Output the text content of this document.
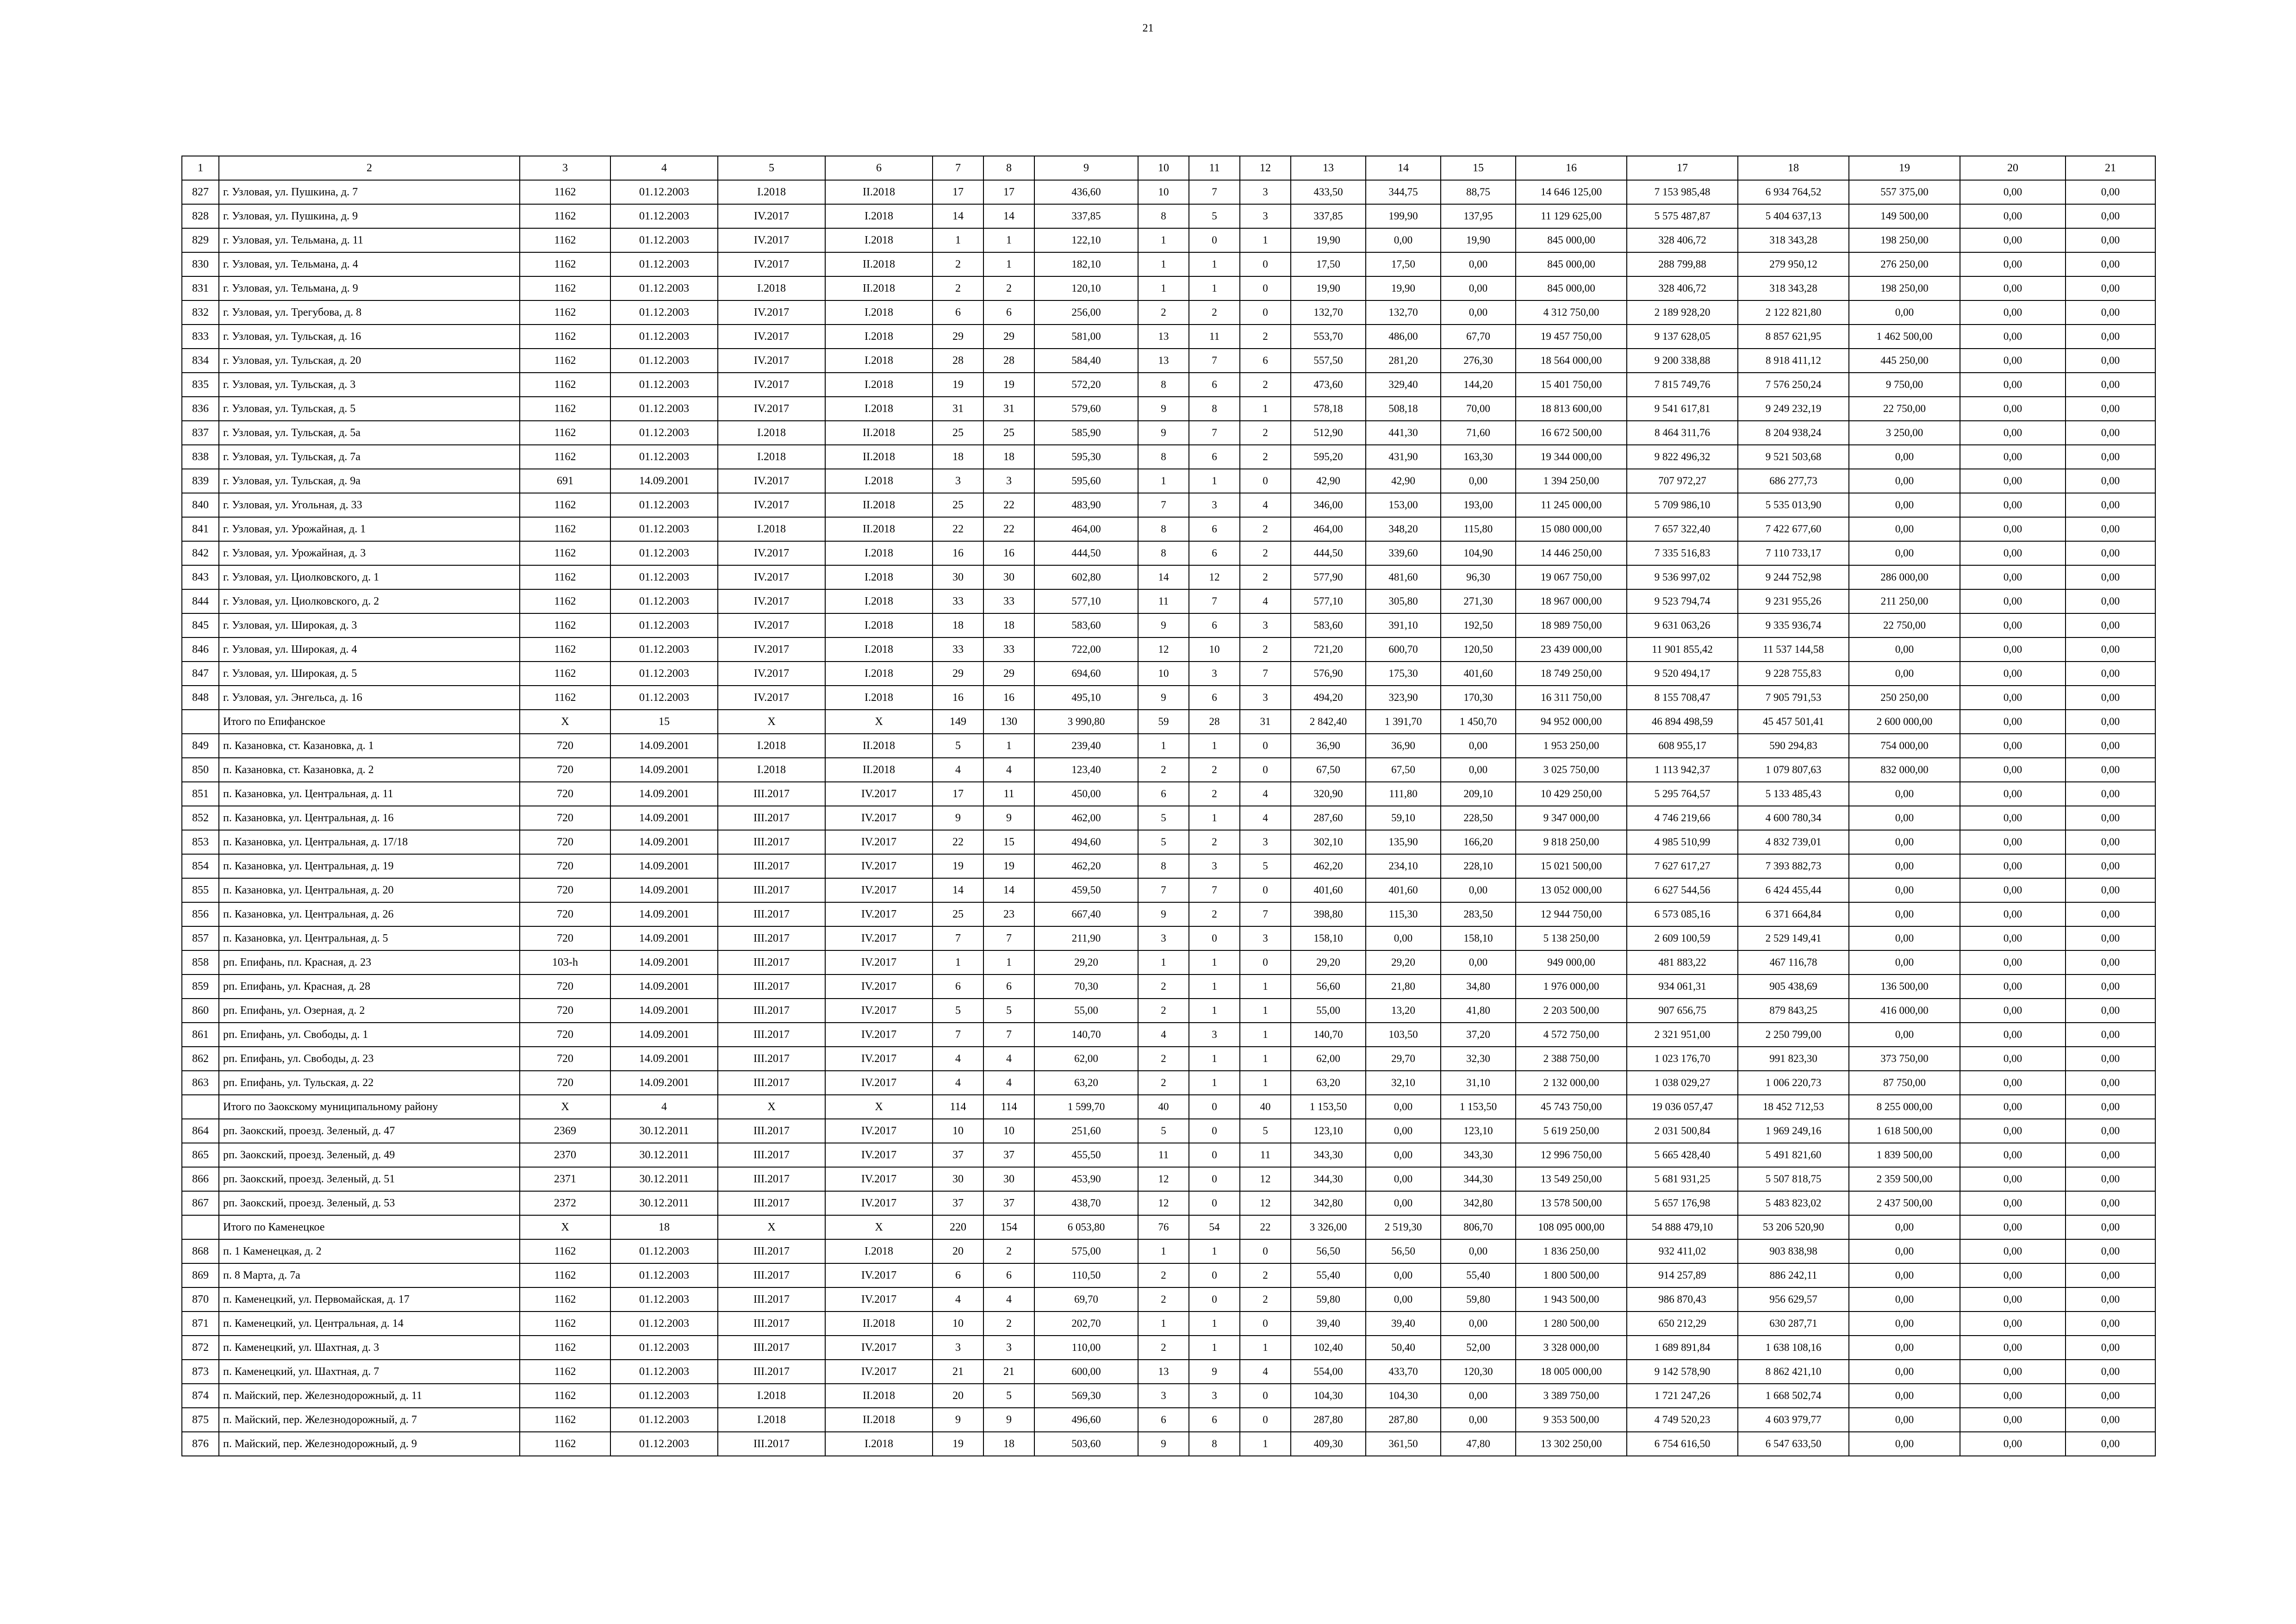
21
1	2	3	4	5	6	7	8	9	10	11	12	13	14	15	16	17	18	19	20	21
827	г. Узловая, ул. Пушкина, д. 7	1162	01.12.2003	I.2018	II.2018	17	17	436,60	10	7	3	433,50	344,75	88,75	14 646 125,00	7 153 985,48	6 934 764,52	557 375,00	0,00	0,00
828	г. Узловая, ул. Пушкина, д. 9	1162	01.12.2003	IV.2017	I.2018	14	14	337,85	8	5	3	337,85	199,90	137,95	11 129 625,00	5 575 487,87	5 404 637,13	149 500,00	0,00	0,00
829	г. Узловая, ул. Тельмана, д. 11	1162	01.12.2003	IV.2017	I.2018	1	1	122,10	1	0	1	19,90	0,00	19,90	845 000,00	328 406,72	318 343,28	198 250,00	0,00	0,00
830	г. Узловая, ул. Тельмана, д. 4	1162	01.12.2003	IV.2017	II.2018	2	1	182,10	1	1	0	17,50	17,50	0,00	845 000,00	288 799,88	279 950,12	276 250,00	0,00	0,00
831	г. Узловая, ул. Тельмана, д. 9	1162	01.12.2003	I.2018	II.2018	2	2	120,10	1	1	0	19,90	19,90	0,00	845 000,00	328 406,72	318 343,28	198 250,00	0,00	0,00
832	г. Узловая, ул. Трегубова, д. 8	1162	01.12.2003	IV.2017	I.2018	6	6	256,00	2	2	0	132,70	132,70	0,00	4 312 750,00	2 189 928,20	2 122 821,80	0,00	0,00	0,00
833	г. Узловая, ул. Тульская, д. 16	1162	01.12.2003	IV.2017	I.2018	29	29	581,00	13	11	2	553,70	486,00	67,70	19 457 750,00	9 137 628,05	8 857 621,95	1 462 500,00	0,00	0,00
834	г. Узловая, ул. Тульская, д. 20	1162	01.12.2003	IV.2017	I.2018	28	28	584,40	13	7	6	557,50	281,20	276,30	18 564 000,00	9 200 338,88	8 918 411,12	445 250,00	0,00	0,00
835	г. Узловая, ул. Тульская, д. 3	1162	01.12.2003	IV.2017	I.2018	19	19	572,20	8	6	2	473,60	329,40	144,20	15 401 750,00	7 815 749,76	7 576 250,24	9 750,00	0,00	0,00
836	г. Узловая, ул. Тульская, д. 5	1162	01.12.2003	IV.2017	I.2018	31	31	579,60	9	8	1	578,18	508,18	70,00	18 813 600,00	9 541 617,81	9 249 232,19	22 750,00	0,00	0,00
837	г. Узловая, ул. Тульская, д. 5а	1162	01.12.2003	I.2018	II.2018	25	25	585,90	9	7	2	512,90	441,30	71,60	16 672 500,00	8 464 311,76	8 204 938,24	3 250,00	0,00	0,00
838	г. Узловая, ул. Тульская, д. 7а	1162	01.12.2003	I.2018	II.2018	18	18	595,30	8	6	2	595,20	431,90	163,30	19 344 000,00	9 822 496,32	9 521 503,68	0,00	0,00	0,00
839	г. Узловая, ул. Тульская, д. 9а	691	14.09.2001	IV.2017	I.2018	3	3	595,60	1	1	0	42,90	42,90	0,00	1 394 250,00	707 972,27	686 277,73	0,00	0,00	0,00
840	г. Узловая, ул. Угольная, д. 33	1162	01.12.2003	IV.2017	II.2018	25	22	483,90	7	3	4	346,00	153,00	193,00	11 245 000,00	5 709 986,10	5 535 013,90	0,00	0,00	0,00
841	г. Узловая, ул. Урожайная, д. 1	1162	01.12.2003	I.2018	II.2018	22	22	464,00	8	6	2	464,00	348,20	115,80	15 080 000,00	7 657 322,40	7 422 677,60	0,00	0,00	0,00
842	г. Узловая, ул. Урожайная, д. 3	1162	01.12.2003	IV.2017	I.2018	16	16	444,50	8	6	2	444,50	339,60	104,90	14 446 250,00	7 335 516,83	7 110 733,17	0,00	0,00	0,00
843	г. Узловая, ул. Циолковского, д. 1	1162	01.12.2003	IV.2017	I.2018	30	30	602,80	14	12	2	577,90	481,60	96,30	19 067 750,00	9 536 997,02	9 244 752,98	286 000,00	0,00	0,00
844	г. Узловая, ул. Циолковского, д. 2	1162	01.12.2003	IV.2017	I.2018	33	33	577,10	11	7	4	577,10	305,80	271,30	18 967 000,00	9 523 794,74	9 231 955,26	211 250,00	0,00	0,00
845	г. Узловая, ул. Широкая, д. 3	1162	01.12.2003	IV.2017	I.2018	18	18	583,60	9	6	3	583,60	391,10	192,50	18 989 750,00	9 631 063,26	9 335 936,74	22 750,00	0,00	0,00
846	г. Узловая, ул. Широкая, д. 4	1162	01.12.2003	IV.2017	I.2018	33	33	722,00	12	10	2	721,20	600,70	120,50	23 439 000,00	11 901 855,42	11 537 144,58	0,00	0,00	0,00
847	г. Узловая, ул. Широкая, д. 5	1162	01.12.2003	IV.2017	I.2018	29	29	694,60	10	3	7	576,90	175,30	401,60	18 749 250,00	9 520 494,17	9 228 755,83	0,00	0,00	0,00
848	г. Узловая, ул. Энгельса, д. 16	1162	01.12.2003	IV.2017	I.2018	16	16	495,10	9	6	3	494,20	323,90	170,30	16 311 750,00	8 155 708,47	7 905 791,53	250 250,00	0,00	0,00
	Итого по Епифанское	X	15	X	X	149	130	3 990,80	59	28	31	2 842,40	1 391,70	1 450,70	94 952 000,00	46 894 498,59	45 457 501,41	2 600 000,00	0,00	0,00
849	п. Казановка, ст. Казановка, д. 1	720	14.09.2001	I.2018	II.2018	5	1	239,40	1	1	0	36,90	36,90	0,00	1 953 250,00	608 955,17	590 294,83	754 000,00	0,00	0,00
850	п. Казановка, ст. Казановка, д. 2	720	14.09.2001	I.2018	II.2018	4	4	123,40	2	2	0	67,50	67,50	0,00	3 025 750,00	1 113 942,37	1 079 807,63	832 000,00	0,00	0,00
851	п. Казановка, ул. Центральная, д. 11	720	14.09.2001	III.2017	IV.2017	17	11	450,00	6	2	4	320,90	111,80	209,10	10 429 250,00	5 295 764,57	5 133 485,43	0,00	0,00	0,00
852	п. Казановка, ул. Центральная, д. 16	720	14.09.2001	III.2017	IV.2017	9	9	462,00	5	1	4	287,60	59,10	228,50	9 347 000,00	4 746 219,66	4 600 780,34	0,00	0,00	0,00
853	п. Казановка, ул. Центральная, д. 17/18	720	14.09.2001	III.2017	IV.2017	22	15	494,60	5	2	3	302,10	135,90	166,20	9 818 250,00	4 985 510,99	4 832 739,01	0,00	0,00	0,00
854	п. Казановка, ул. Центральная, д. 19	720	14.09.2001	III.2017	IV.2017	19	19	462,20	8	3	5	462,20	234,10	228,10	15 021 500,00	7 627 617,27	7 393 882,73	0,00	0,00	0,00
855	п. Казановка, ул. Центральная, д. 20	720	14.09.2001	III.2017	IV.2017	14	14	459,50	7	7	0	401,60	401,60	0,00	13 052 000,00	6 627 544,56	6 424 455,44	0,00	0,00	0,00
856	п. Казановка, ул. Центральная, д. 26	720	14.09.2001	III.2017	IV.2017	25	23	667,40	9	2	7	398,80	115,30	283,50	12 944 750,00	6 573 085,16	6 371 664,84	0,00	0,00	0,00
857	п. Казановка, ул. Центральная, д. 5	720	14.09.2001	III.2017	IV.2017	7	7	211,90	3	0	3	158,10	0,00	158,10	5 138 250,00	2 609 100,59	2 529 149,41	0,00	0,00	0,00
858	рп. Епифань, пл. Красная, д. 23	103-h	14.09.2001	III.2017	IV.2017	1	1	29,20	1	1	0	29,20	29,20	0,00	949 000,00	481 883,22	467 116,78	0,00	0,00	0,00
859	рп. Епифань, ул. Красная, д. 28	720	14.09.2001	III.2017	IV.2017	6	6	70,30	2	1	1	56,60	21,80	34,80	1 976 000,00	934 061,31	905 438,69	136 500,00	0,00	0,00
860	рп. Епифань, ул. Озерная, д. 2	720	14.09.2001	III.2017	IV.2017	5	5	55,00	2	1	1	55,00	13,20	41,80	2 203 500,00	907 656,75	879 843,25	416 000,00	0,00	0,00
861	рп. Епифань, ул. Свободы, д. 1	720	14.09.2001	III.2017	IV.2017	7	7	140,70	4	3	1	140,70	103,50	37,20	4 572 750,00	2 321 951,00	2 250 799,00	0,00	0,00	0,00
862	рп. Епифань, ул. Свободы, д. 23	720	14.09.2001	III.2017	IV.2017	4	4	62,00	2	1	1	62,00	29,70	32,30	2 388 750,00	1 023 176,70	991 823,30	373 750,00	0,00	0,00
863	рп. Епифань, ул. Тульская, д. 22	720	14.09.2001	III.2017	IV.2017	4	4	63,20	2	1	1	63,20	32,10	31,10	2 132 000,00	1 038 029,27	1 006 220,73	87 750,00	0,00	0,00
	Итого по Заокскому муниципальному району	X	4	X	X	114	114	1 599,70	40	0	40	1 153,50	0,00	1 153,50	45 743 750,00	19 036 057,47	18 452 712,53	8 255 000,00	0,00	0,00
864	рп. Заокский, проезд. Зеленый, д. 47	2369	30.12.2011	III.2017	IV.2017	10	10	251,60	5	0	5	123,10	0,00	123,10	5 619 250,00	2 031 500,84	1 969 249,16	1 618 500,00	0,00	0,00
865	рп. Заокский, проезд. Зеленый, д. 49	2370	30.12.2011	III.2017	IV.2017	37	37	455,50	11	0	11	343,30	0,00	343,30	12 996 750,00	5 665 428,40	5 491 821,60	1 839 500,00	0,00	0,00
866	рп. Заокский, проезд. Зеленый, д. 51	2371	30.12.2011	III.2017	IV.2017	30	30	453,90	12	0	12	344,30	0,00	344,30	13 549 250,00	5 681 931,25	5 507 818,75	2 359 500,00	0,00	0,00
867	рп. Заокский, проезд. Зеленый, д. 53	2372	30.12.2011	III.2017	IV.2017	37	37	438,70	12	0	12	342,80	0,00	342,80	13 578 500,00	5 657 176,98	5 483 823,02	2 437 500,00	0,00	0,00
	Итого по Каменецкое	X	18	X	X	220	154	6 053,80	76	54	22	3 326,00	2 519,30	806,70	108 095 000,00	54 888 479,10	53 206 520,90	0,00	0,00	0,00
868	п. 1 Каменецкая, д. 2	1162	01.12.2003	III.2017	I.2018	20	2	575,00	1	1	0	56,50	56,50	0,00	1 836 250,00	932 411,02	903 838,98	0,00	0,00	0,00
869	п. 8 Марта, д. 7а	1162	01.12.2003	III.2017	IV.2017	6	6	110,50	2	0	2	55,40	0,00	55,40	1 800 500,00	914 257,89	886 242,11	0,00	0,00	0,00
870	п. Каменецкий, ул. Первомайская, д. 17	1162	01.12.2003	III.2017	IV.2017	4	4	69,70	2	0	2	59,80	0,00	59,80	1 943 500,00	986 870,43	956 629,57	0,00	0,00	0,00
871	п. Каменецкий, ул. Центральная, д. 14	1162	01.12.2003	III.2017	II.2018	10	2	202,70	1	1	0	39,40	39,40	0,00	1 280 500,00	650 212,29	630 287,71	0,00	0,00	0,00
872	п. Каменецкий, ул. Шахтная, д. 3	1162	01.12.2003	III.2017	IV.2017	3	3	110,00	2	1	1	102,40	50,40	52,00	3 328 000,00	1 689 891,84	1 638 108,16	0,00	0,00	0,00
873	п. Каменецкий, ул. Шахтная, д. 7	1162	01.12.2003	III.2017	IV.2017	21	21	600,00	13	9	4	554,00	433,70	120,30	18 005 000,00	9 142 578,90	8 862 421,10	0,00	0,00	0,00
874	п. Майский, пер. Железнодорожный, д. 11	1162	01.12.2003	I.2018	II.2018	20	5	569,30	3	3	0	104,30	104,30	0,00	3 389 750,00	1 721 247,26	1 668 502,74	0,00	0,00	0,00
875	п. Майский, пер. Железнодорожный, д. 7	1162	01.12.2003	I.2018	II.2018	9	9	496,60	6	6	0	287,80	287,80	0,00	9 353 500,00	4 749 520,23	4 603 979,77	0,00	0,00	0,00
876	п. Майский, пер. Железнодорожный, д. 9	1162	01.12.2003	III.2017	I.2018	19	18	503,60	9	8	1	409,30	361,50	47,80	13 302 250,00	6 754 616,50	6 547 633,50	0,00	0,00	0,00
